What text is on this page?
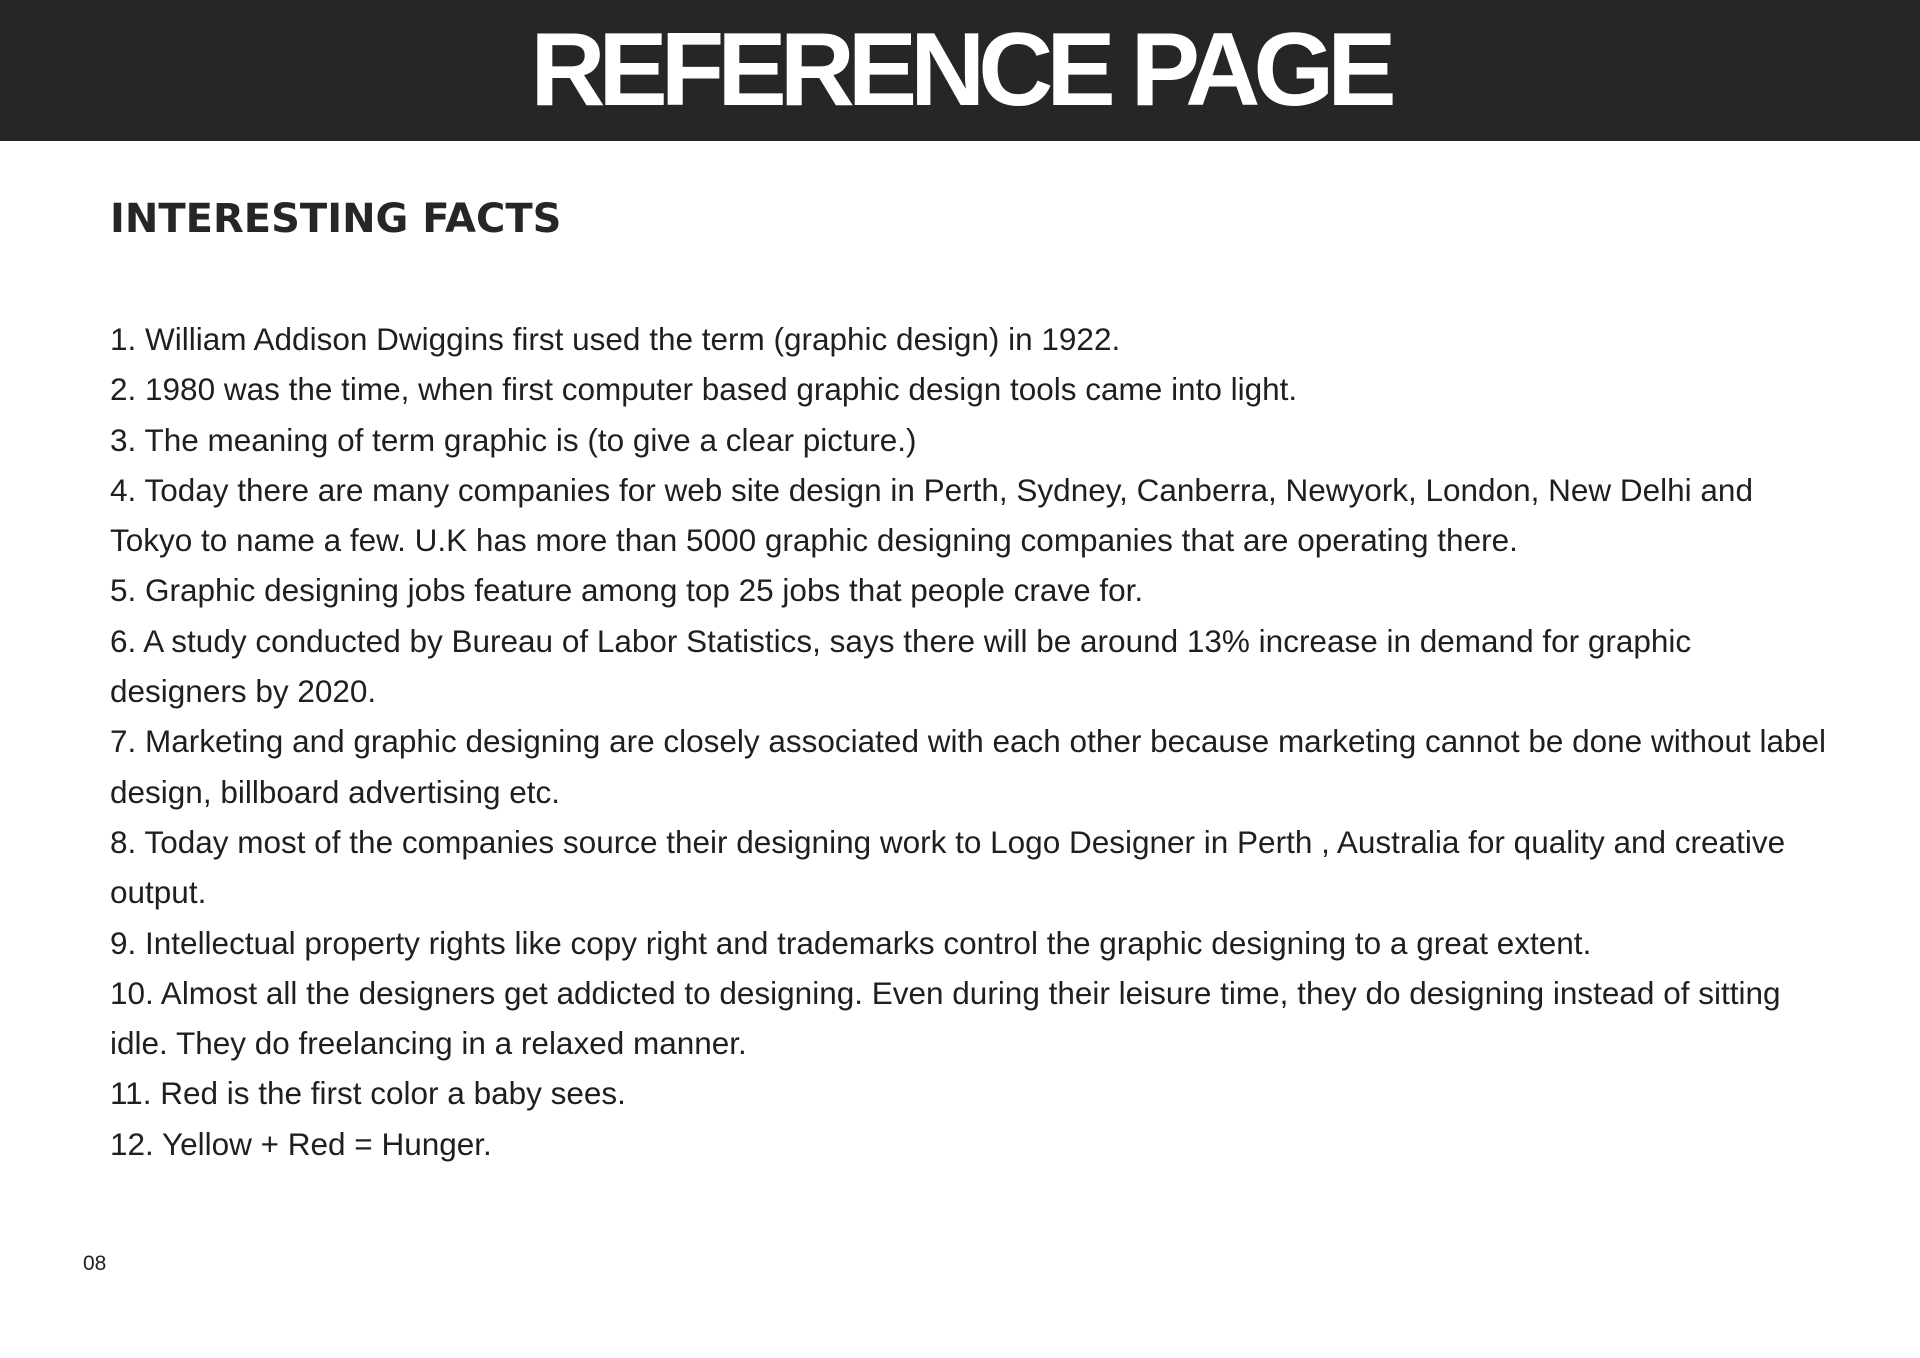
REFERENCE PAGE
INTERESTING FACTS
1. William Addison Dwiggins first used the term (graphic design) in 1922.
2. 1980 was the time, when first computer based graphic design tools came into light.
3. The meaning of term graphic is (to give a clear picture.)
4. Today there are many companies for web site design in Perth, Sydney, Canberra, Newyork, London, New Delhi and Tokyo to name a few. U.K has more than 5000 graphic designing companies that are operating there.
5. Graphic designing jobs feature among top 25 jobs that people crave for.
6. A study conducted by Bureau of Labor Statistics, says there will be around 13% increase in demand for graphic designers by 2020.
7. Marketing and graphic designing are closely associated with each other because marketing cannot be done without label design, billboard advertising etc.
8. Today most of the companies source their designing work to Logo Designer in Perth , Australia for quality and creative output.
9. Intellectual property rights like copy right and trademarks control the graphic designing to a great extent.
10. Almost all the designers get addicted to designing. Even during their leisure time, they do designing instead of sitting idle. They do freelancing in a relaxed manner.
11. Red is the first color a baby sees.
12. Yellow + Red = Hunger.
08
